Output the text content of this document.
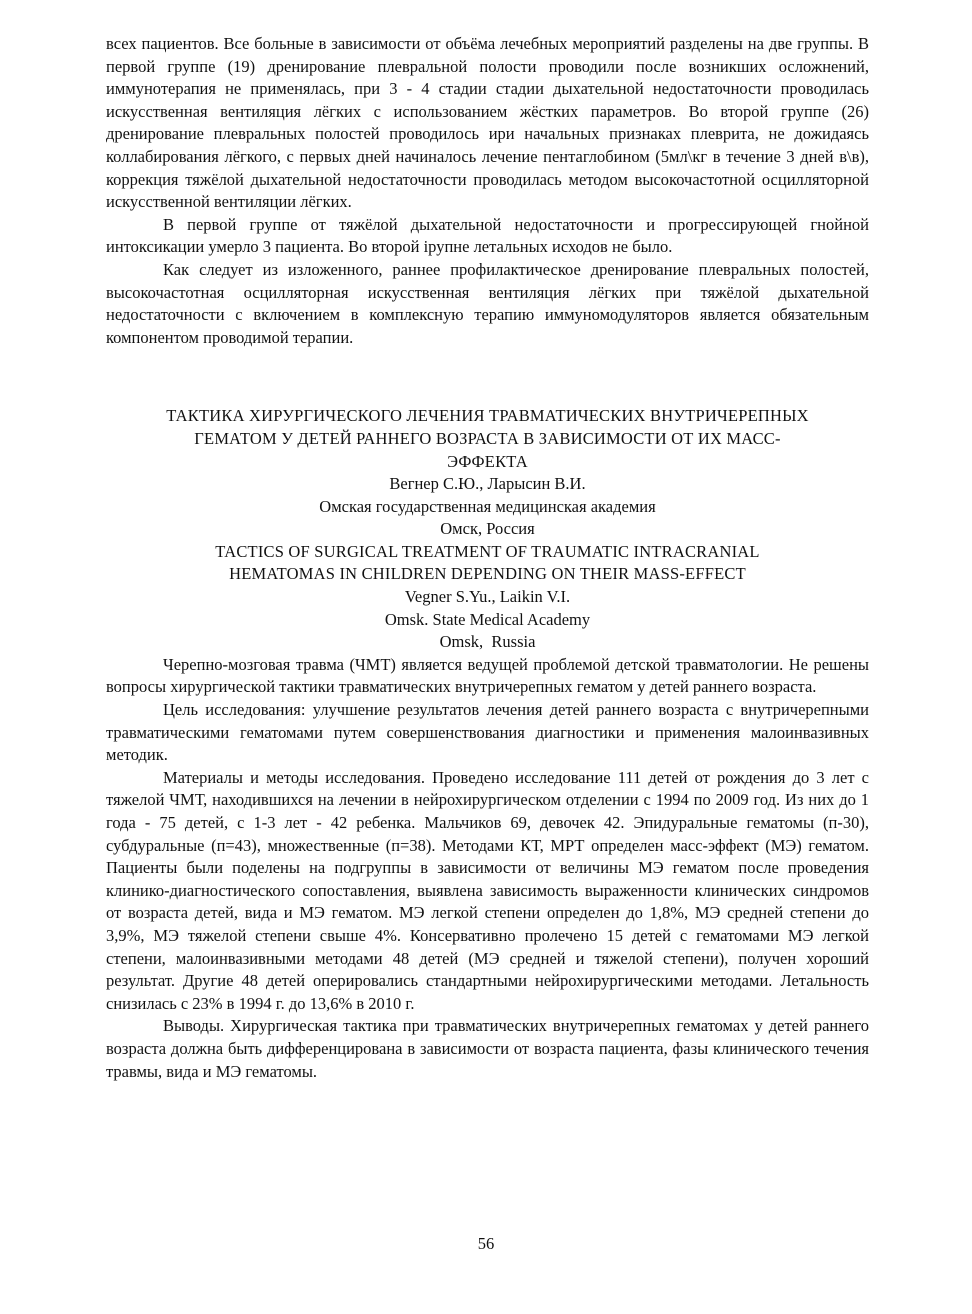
всех пациентов. Все больные в зависимости от объёма лечебных мероприятий разделены на две группы. В первой группе (19) дренирование плевральной полости проводили после возникших осложнений, иммунотерапия не применялась, при 3 - 4 стадии стадии дыхательной недостаточности проводилась искусственная вентиляция лёгких с использованием жёстких параметров. Во второй группе (26) дренирование плевральных полостей проводилось ири начальных признаках плеврита, не дожидаясь коллабирования лёгкого, с первых дней начиналось лечение пентаглобином (5мл\кг в течение 3 дней в\в), коррекция тяжёлой дыхательной недостаточности проводилась методом высокочастотной осцилляторной искусственной вентиляции лёгких.

В первой группе от тяжёлой дыхательной недостаточности и прогрессирующей гнойной интоксикации умерло 3 пациента. Во второй iрупне летальных исходов не было.

Как следует из изложенного, раннее профилактическое дренирование плевральных полостей, высокочастотная осцилляторная искусственная вентиляция лёгких при тяжёлой дыхательной недостаточности с включением в комплексную терапию иммуномодуляторов является обязательным компонентом проводимой терапии.

ТАКТИКА ХИРУРГИЧЕСКОГО ЛЕЧЕНИЯ ТРАВМАТИЧЕСКИХ ВНУТРИЧЕРЕПНЫХ
ГЕМАТОМ У ДЕТЕЙ РАННЕГО ВОЗРАСТА В ЗАВИСИМОСТИ ОТ ИХ МАСС-
ЭФФЕКТА
Вегнер С.Ю., Ларысин В.И.
Омская государственная медицинская академия
Омск, Россия
TACTICS OF SURGICAL TREATMENT OF TRAUMATIC INTRACRANIAL
HEMATOMAS IN CHILDREN DEPENDING ON THEIR MASS-EFFECT
Vegner S.Yu., Laikin V.I.
Omsk. State Medical Academy
Omsk,  Russia

Черепно-мозговая травма (ЧМТ) является ведущей проблемой детской травматологии. Не решены вопросы хирургической тактики травматических внутричерепных гематом у детей раннего возраста.

Цель исследования: улучшение результатов лечения детей раннего возраста с внутричерепными травматическими гематомами путем совершенствования диагностики и применения малоинвазивных методик.

Материалы и методы исследования. Проведено исследование 111 детей от рождения до 3 лет с тяжелой ЧМТ, находившихся на лечении в нейрохирургическом отделении с 1994 по 2009 год. Из них до 1 года - 75 детей, с 1-3 лет - 42 ребенка. Мальчиков 69, девочек 42. Эпидуральные гематомы (п-30), субдуральные (п=43), множественные (п=38). Методами КТ, МРТ определен масс-эффект (МЭ) гематом. Пациенты были поделены на подгруппы в зависимости от величины МЭ гематом после проведения клинико-диагностического сопоставления, выявлена зависимость выраженности клинических синдромов от возраста детей, вида и МЭ гематом. МЭ легкой степени определен до 1,8%, МЭ средней степени до 3,9%, МЭ тяжелой степени свыше 4%. Консервативно пролечено 15 детей с гематомами МЭ легкой степени, малоинвазивными методами 48 детей (МЭ средней и тяжелой степени), получен хороший результат. Другие 48 детей оперировались стандартными нейрохирургическими методами. Летальность снизилась с 23% в 1994 г. до 13,6% в 2010 г.

Выводы. Хирургическая тактика при травматических внутричерепных гематомах у детей раннего возраста должна быть дифференцирована в зависимости от возраста пациента, фазы клинического течения травмы, вида и МЭ гематомы.

56
